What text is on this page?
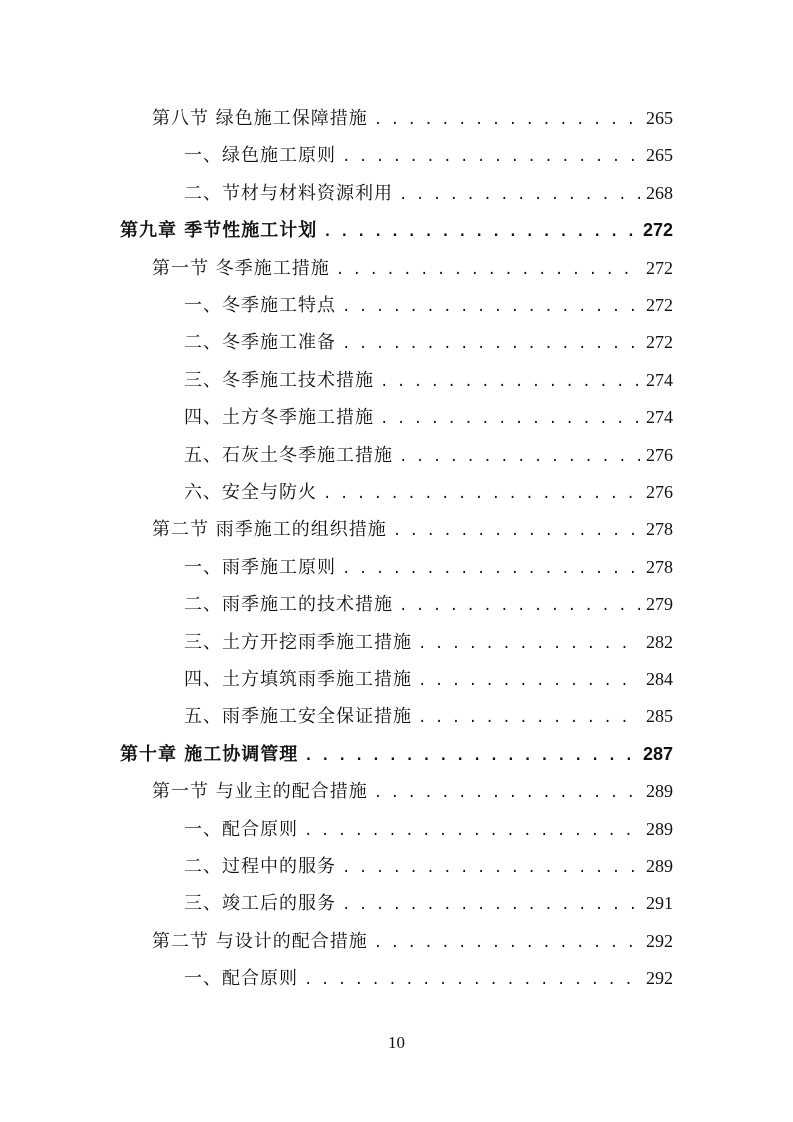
第八节 绿色施工保障措施 . . .	265
一、绿色施工原则 . . .	265
二、节材与材料资源利用 . . .	268
第九章 季节性施工计划 . . .	272
第一节 冬季施工措施 . . .	272
一、冬季施工特点 . . .	272
二、冬季施工准备 . . .	272
三、冬季施工技术措施 . . .	274
四、土方冬季施工措施 . . .	274
五、石灰土冬季施工措施 . . .	276
六、安全与防火 . . .	276
第二节 雨季施工的组织措施 . . .	278
一、雨季施工原则 . . .	278
二、雨季施工的技术措施 . . .	279
三、土方开挖雨季施工措施 . . .	282
四、土方填筑雨季施工措施 . . .	284
五、雨季施工安全保证措施 . . .	285
第十章 施工协调管理 . . .	287
第一节 与业主的配合措施 . . .	289
一、配合原则 . . .	289
二、过程中的服务 . . .	289
三、竣工后的服务 . . .	291
第二节 与设计的配合措施 . . .	292
一、配合原则 . . .	292
10
